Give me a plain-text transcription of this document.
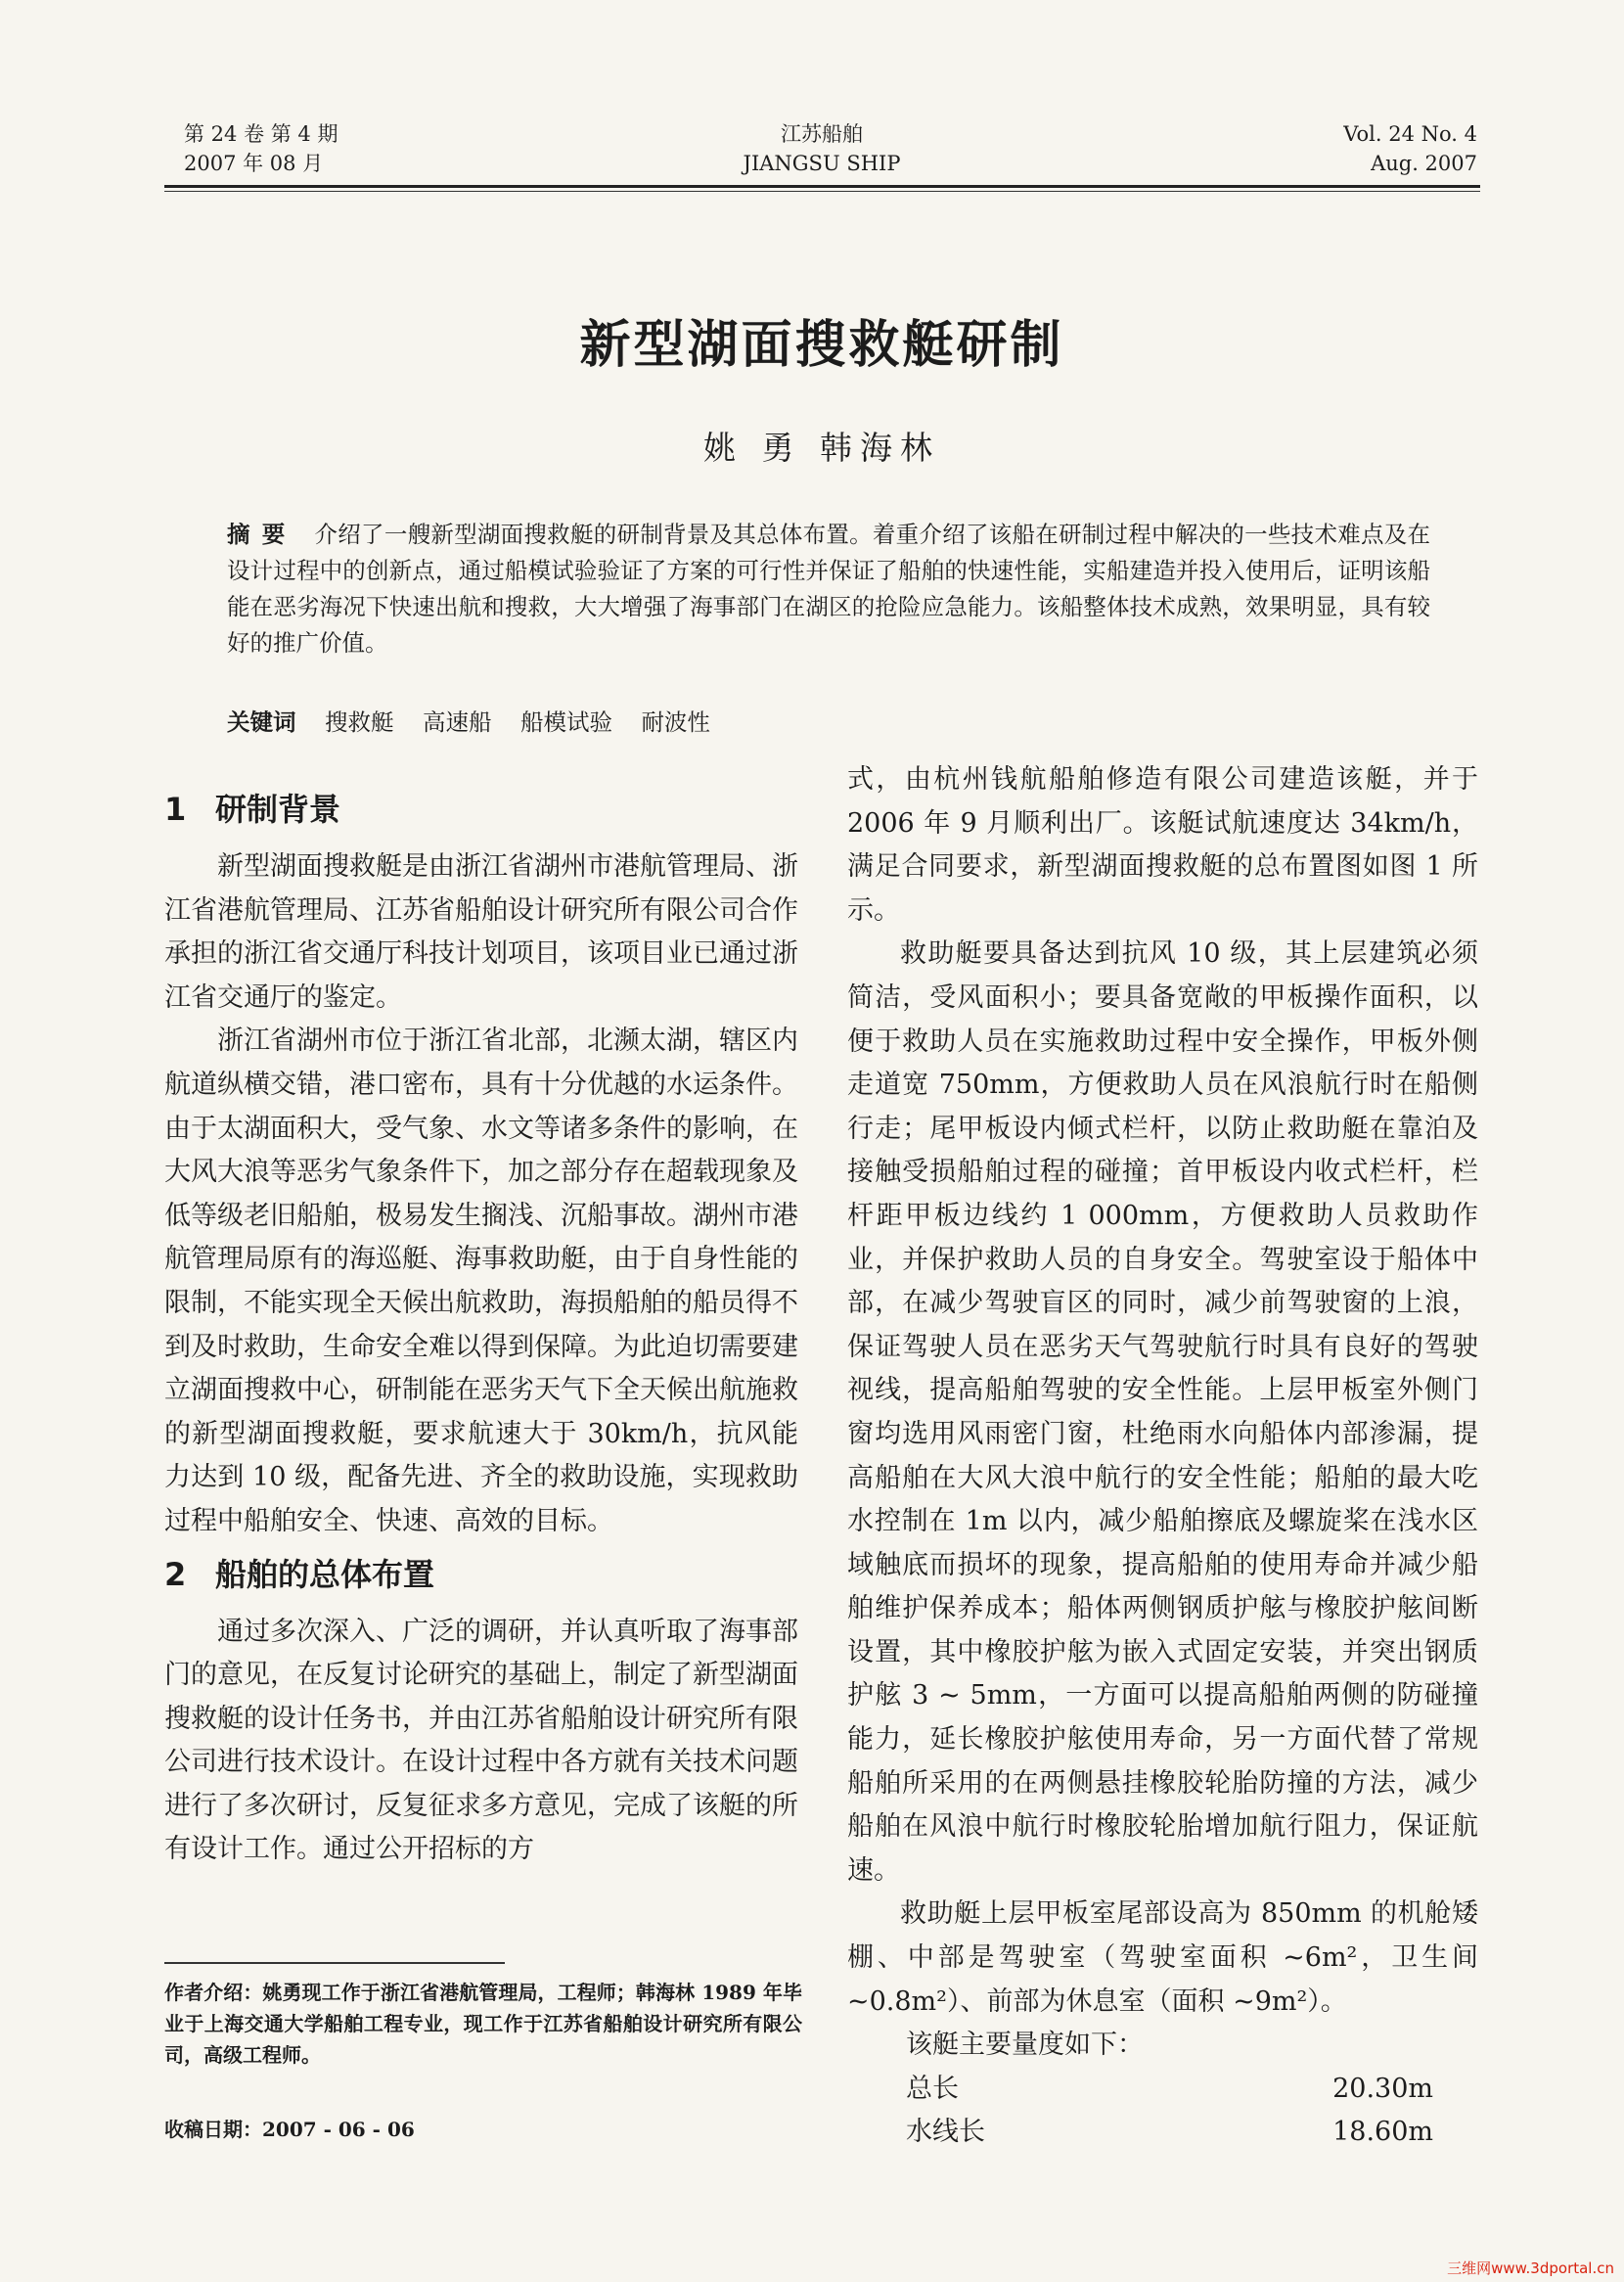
第 24 卷 第 4 期
2007 年 08 月
江苏船舶
JIANGSU SHIP
Vol. 24 No. 4
Aug. 2007
新型湖面搜救艇研制
姚 勇 韩海林
摘要 介绍了一艘新型湖面搜救艇的研制背景及其总体布置。着重介绍了该船在研制过程中解决的一些技术难点及在设计过程中的创新点，通过船模试验验证了方案的可行性并保证了船舶的快速性能，实船建造并投入使用后，证明该船能在恶劣海况下快速出航和搜救，大大增强了海事部门在湖区的抢险应急能力。该船整体技术成熟，效果明显，具有较好的推广价值。
关键词 搜救艇 高速船 船模试验 耐波性
1 研制背景

新型湖面搜救艇是由浙江省湖州市港航管理局、浙江省港航管理局、江苏省船舶设计研究所有限公司合作承担的浙江省交通厅科技计划项目，该项目业已通过浙江省交通厅的鉴定。

浙江省湖州市位于浙江省北部，北濒太湖，辖区内航道纵横交错，港口密布，具有十分优越的水运条件。由于太湖面积大，受气象、水文等诸多条件的影响，在大风大浪等恶劣气象条件下，加之部分存在超载现象及低等级老旧船舶，极易发生搁浅、沉船事故。湖州市港航管理局原有的海巡艇、海事救助艇，由于自身性能的限制，不能实现全天候出航救助，海损船舶的船员得不到及时救助，生命安全难以得到保障。为此迫切需要建立湖面搜救中心，研制能在恶劣天气下全天候出航施救的新型湖面搜救艇，要求航速大于 30km/h，抗风能力达到 10 级，配备先进、齐全的救助设施，实现救助过程中船舶安全、快速、高效的目标。

2 船舶的总体布置

通过多次深入、广泛的调研，并认真听取了海事部门的意见，在反复讨论研究的基础上，制定了新型湖面搜救艇的设计任务书，并由江苏省船舶设计研究所有限公司进行技术设计。在设计过程中各方就有关技术问题进行了多次研讨，反复征求多方意见，完成了该艇的所有设计工作。通过公开招标的方

作者介绍：姚勇现工作于浙江省港航管理局，工程师；韩海林 1989 年毕业于上海交通大学船舶工程专业，现工作于江苏省船舶设计研究所有限公司，高级工程师。
收稿日期：2007 - 06 - 06

式，由杭州钱航船舶修造有限公司建造该艇，并于 2006 年 9 月顺利出厂。该艇试航速度达 34km/h，满足合同要求，新型湖面搜救艇的总布置图如图 1 所示。

救助艇要具备达到抗风 10 级，其上层建筑必须简洁，受风面积小；要具备宽敞的甲板操作面积，以便于救助人员在实施救助过程中安全操作，甲板外侧走道宽 750mm，方便救助人员在风浪航行时在船侧行走；尾甲板设内倾式栏杆，以防止救助艇在靠泊及接触受损船舶过程的碰撞；首甲板设内收式栏杆，栏杆距甲板边线约 1 000mm，方便救助人员救助作业，并保护救助人员的自身安全。驾驶室设于船体中部，在减少驾驶盲区的同时，减少前驾驶窗的上浪，保证驾驶人员在恶劣天气驾驶航行时具有良好的驾驶视线，提高船舶驾驶的安全性能。上层甲板室外侧门窗均选用风雨密门窗，杜绝雨水向船体内部渗漏，提高船舶在大风大浪中航行的安全性能；船舶的最大吃水控制在 1m 以内，减少船舶擦底及螺旋桨在浅水区域触底而损坏的现象，提高船舶的使用寿命并减少船舶维护保养成本；船体两侧钢质护舷与橡胶护舷间断设置，其中橡胶护舷为嵌入式固定安装，并突出钢质护舷 3 ~ 5mm，一方面可以提高船舶两侧的防碰撞能力，延长橡胶护舷使用寿命，另一方面代替了常规船舶所采用的在两侧悬挂橡胶轮胎防撞的方法，减少船舶在风浪中航行时橡胶轮胎增加航行阻力，保证航速。

救助艇上层甲板室尾部设高为 850mm 的机舱矮棚、中部是驾驶室（驾驶室面积 ~6m²，卫生间 ~0.8m²）、前部为休息室（面积 ~9m²）。

该艇主要量度如下：
总长	20.30m
水线长	18.60m
三维网www.3dportal.cn
